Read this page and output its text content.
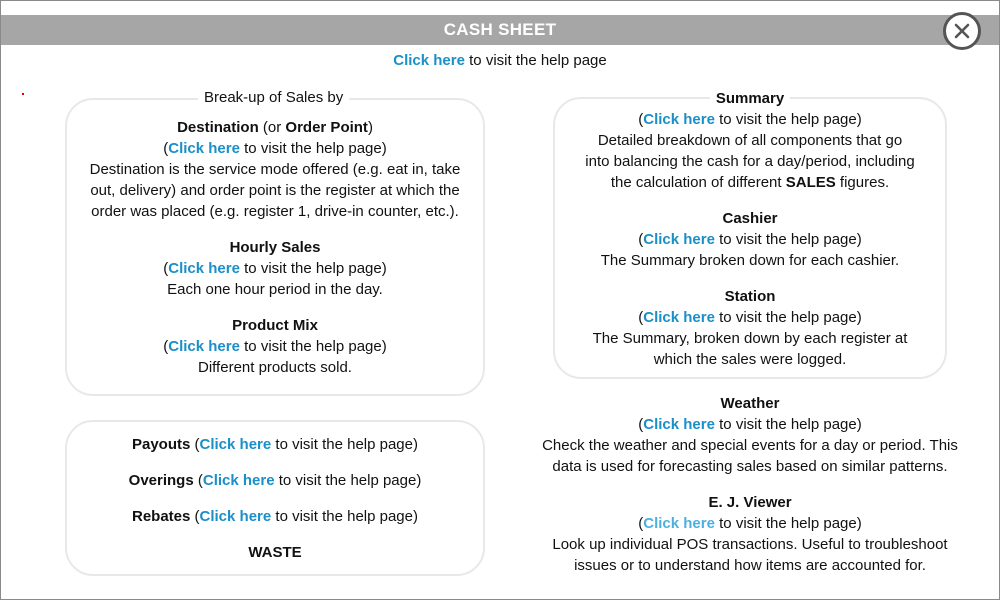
CASH SHEET
Click here to visit the help page
Break-up of Sales by
Destination (or Order Point)
(Click here to visit the help page)
Destination is the service mode offered (e.g. eat in, take
out, delivery) and order point is the register at which the
order was placed (e.g. register 1, drive-in counter, etc.).
Hourly Sales
(Click here to visit the help page)
Each one hour period in the day.
Product Mix
(Click here to visit the help page)
Different products sold.
Payouts (Click here to visit the help page)
Overings (Click here to visit the help page)
Rebates (Click here to visit the help page)
WASTE
Summary
(Click here to visit the help page)
Detailed breakdown of all components that go
into balancing the cash for a day/period, including
the calculation of different SALES figures.
Cashier
(Click here to visit the help page)
The Summary broken down for each cashier.
Station
(Click here to visit the help page)
The Summary, broken down by each register at
which the sales were logged.
Weather
(Click here to visit the help page)
Check the weather and special events for a day or period. This
data is used for forecasting sales based on similar patterns.
E. J. Viewer
(Click here to visit the help page)
Look up individual POS transactions. Useful to troubleshoot
issues or to understand how items are accounted for.
